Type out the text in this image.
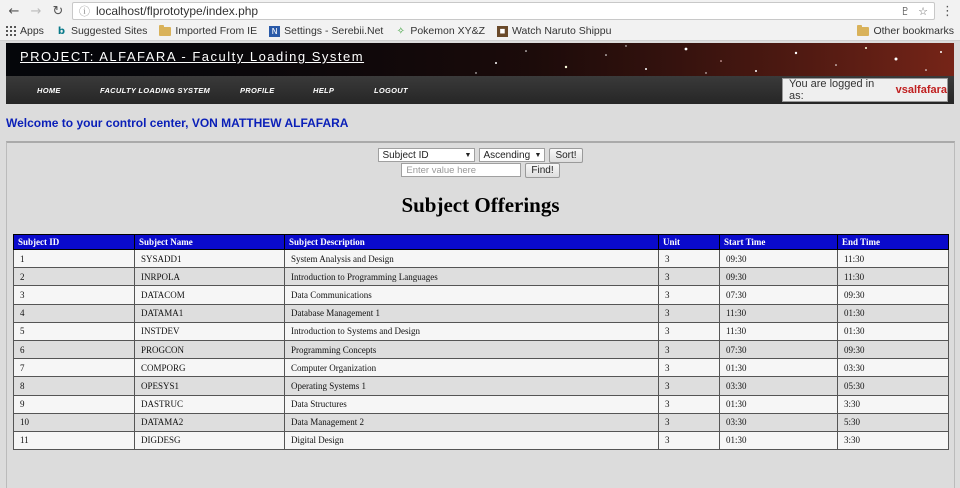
← → ↻ ⓘ localhost/flprototype/index.php	♇ ☆ ⋮
Apps b Suggested Sites	Imported From IE	N Settings - Serebii.Net ✧ Pokemon XY&Z	◼ Watch Naruto Shippu	Other bookmarks
PROJECT: ALFAFARA - Faculty Loading System
HOME	FACULTY LOADING SYSTEM	PROFILE	HELP	LOGOUT
You are logged in as:	vsalfafara
Welcome to your control center, VON MATTHEW ALFAFARA
Subject ID	▼ Ascending ▼	Sort!
Enter value here	Find!
Subject Offerings
Subject ID	Subject Name	Subject Description	Unit	Start Time	End Time
1	SYSADD1	System Analysis and Design	3	09:30	11:30
2	INRPOLA	Introduction to Programming Languages	3	09:30	11:30
3	DATACOM	Data Communications	3	07:30	09:30
4	DATAMA1	Database Management 1	3	11:30	01:30
5	INSTDEV	Introduction to Systems and Design	3	11:30	01:30
6	PROGCON	Programming Concepts	3	07:30	09:30
7	COMPORG	Computer Organization	3	01:30	03:30
8	OPESYS1	Operating Systems 1	3	03:30	05:30
9	DASTRUC	Data Structures	3	01:30	3:30
10	DATAMA2	Data Management 2	3	03:30	5:30
11	DIGDESG	Digital Design	3	01:30	3:30
